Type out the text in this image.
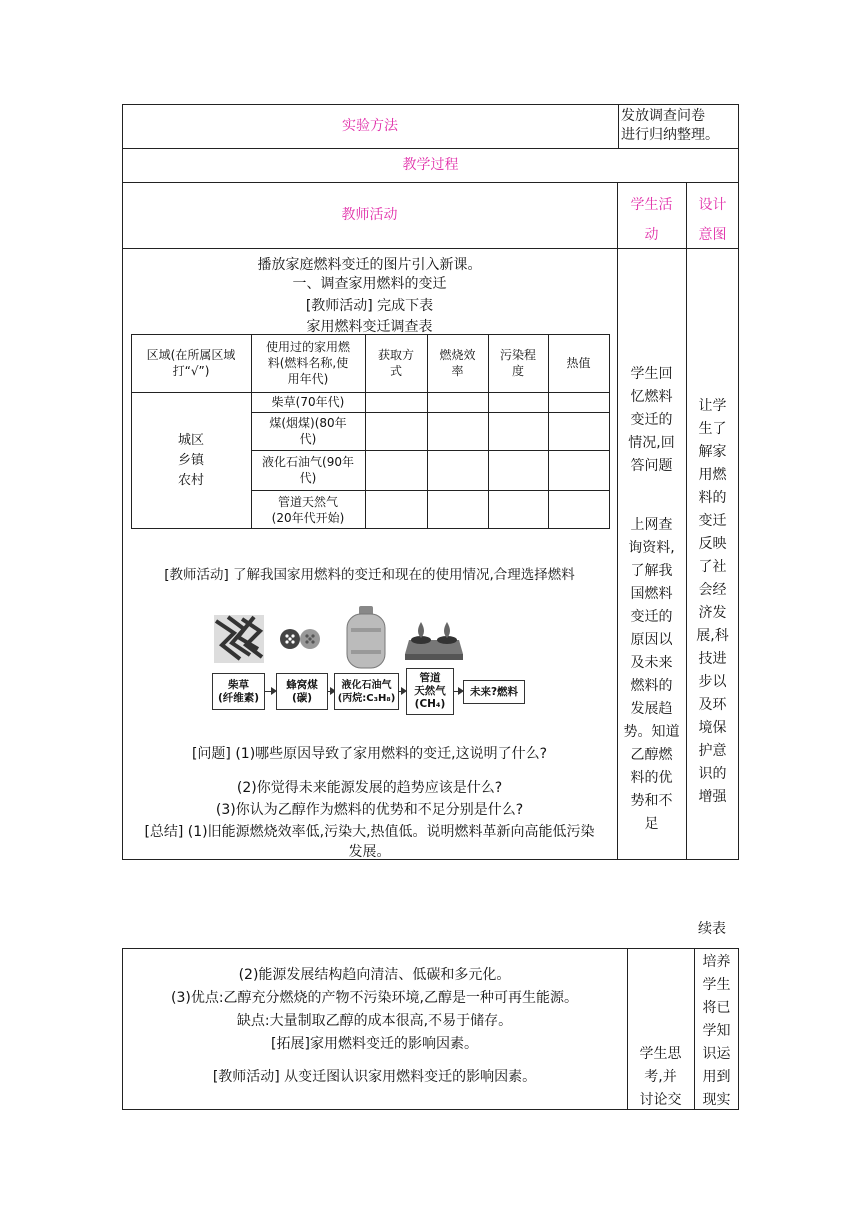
实验方法
发放调查问卷
进行归纳整理。
教学过程
教师活动
学生活
动
设计
意图
播放家庭燃料变迁的图片引入新课。
一、调查家用燃料的变迁
[教师活动] 完成下表
家用燃料变迁调查表
区域(在所属区域
打“√”)
使用过的家用燃
料(燃料名称,使
用年代)
获取方
式
燃烧效
率
污染程
度
热值
城区
乡镇
农村
柴草(70年代)
煤(烟煤)(80年
代)
液化石油气(90年
代)
管道天然气
(20年代开始)
[教师活动] 了解我国家用燃料的变迁和现在的使用情况,合理选择燃料
柴草
(纤维素)
蜂窝煤
(碳)
液化石油气
(丙烷:C₃H₈)
管道
天然气
(CH₄)
未来?燃料
[问题] (1)哪些原因导致了家用燃料的变迁,这说明了什么?
(2)你觉得未来能源发展的趋势应该是什么?
(3)你认为乙醇作为燃料的优势和不足分别是什么?
[总结] (1)旧能源燃烧效率低,污染大,热值低。说明燃料革新向高能低污染
发展。
学生回
忆燃料
变迁的
情况,回
答问题
上网查
询资料,
了解我
国燃料
变迁的
原因以
及未来
燃料的
发展趋
势。知道
乙醇燃
料的优
势和不
足
让学
生了
解家
用燃
料的
变迁
反映
了社
会经
济发
展,科
技进
步以
及环
境保
护意
识的
增强
续表
(2)能源发展结构趋向清洁、低碳和多元化。
(3)优点:乙醇充分燃烧的产物不污染环境,乙醇是一种可再生能源。
缺点:大量制取乙醇的成本很高,不易于储存。
[拓展]家用燃料变迁的影响因素。
[教师活动] 从变迁图认识家用燃料变迁的影响因素。
学生思
考,并
讨论交
培养
学生
将已
学知
识运
用到
现实
